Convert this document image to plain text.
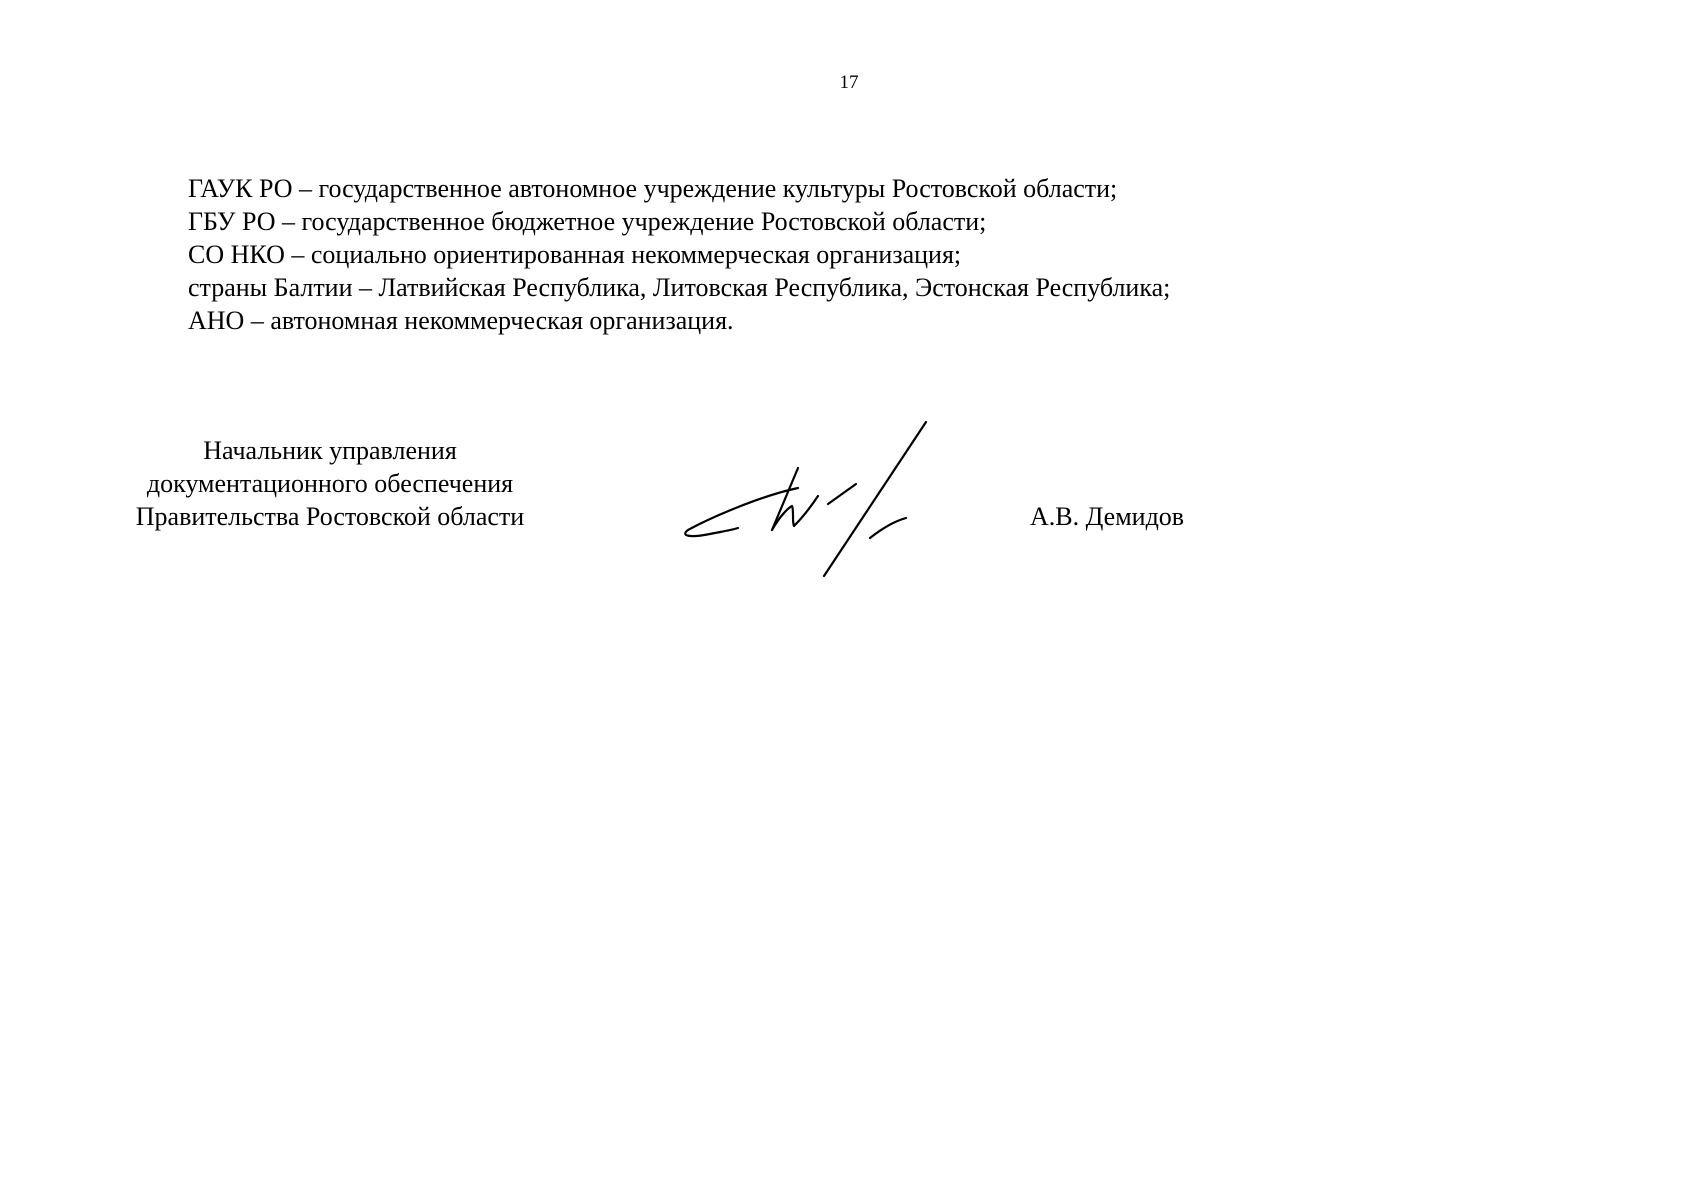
17
ГАУК РО – государственное автономное учреждение культуры Ростовской области;
ГБУ РО – государственное бюджетное учреждение Ростовской области;
СО НКО – социально ориентированная некоммерческая организация;
страны Балтии – Латвийская Республика, Литовская Республика, Эстонская Республика;
АНО – автономная некоммерческая организация.
Начальник управления
документационного обеспечения
Правительства Ростовской области	А.В. Демидов
